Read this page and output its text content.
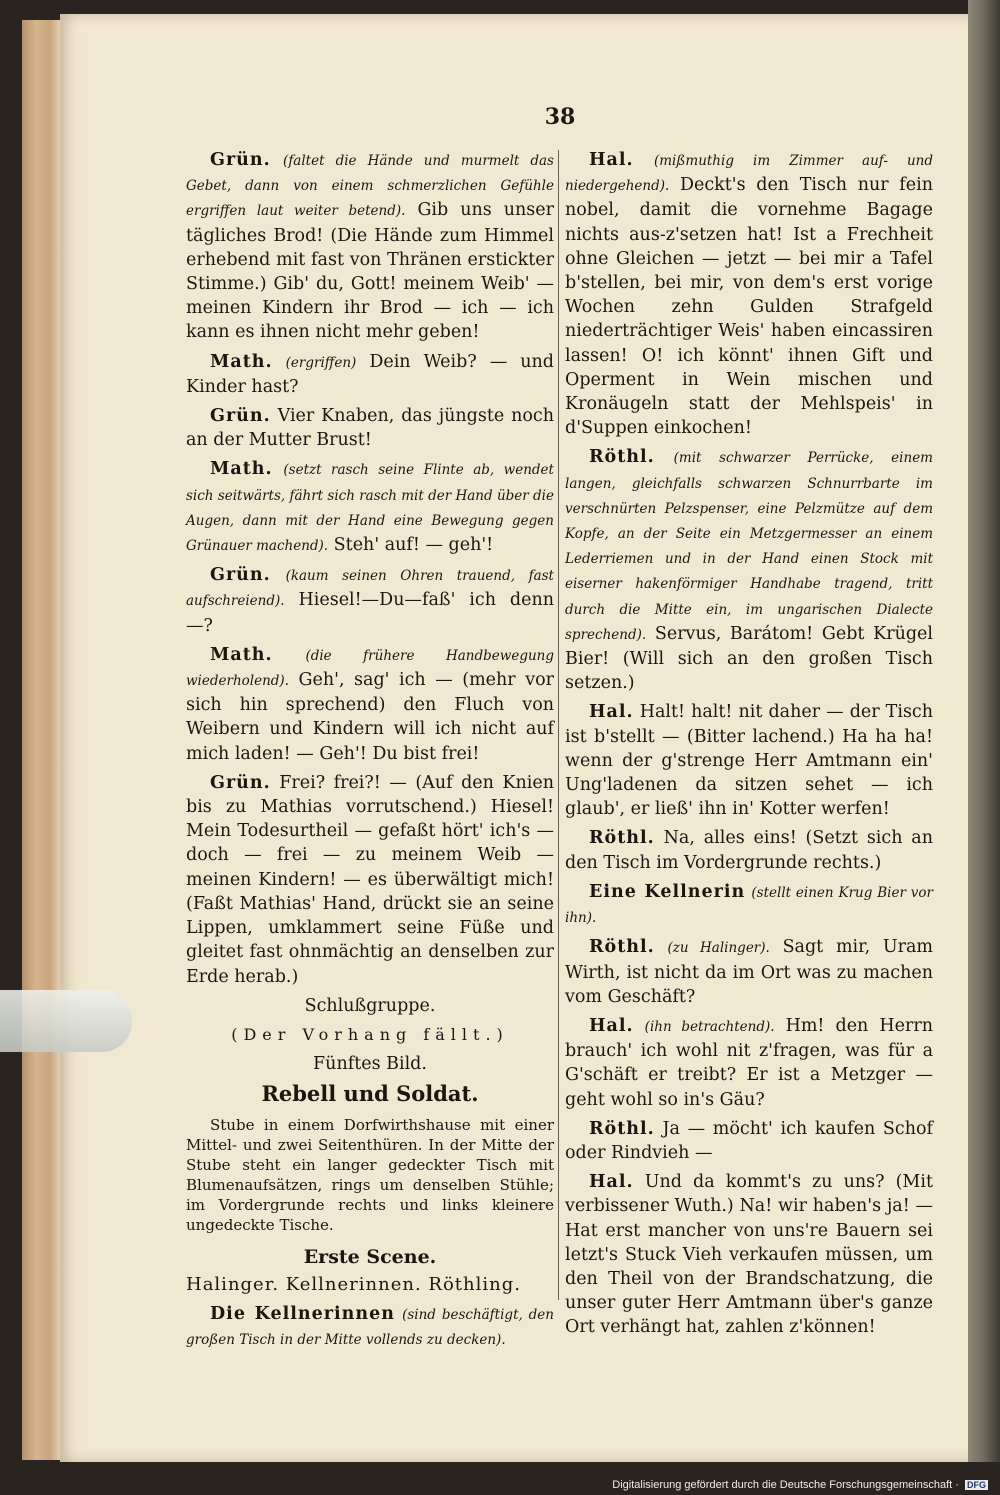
38

Grün. (faltet die Hände und murmelt das Gebet, dann von einem schmerzlichen Gefühle ergriffen laut weiter betend). Gib uns unser tägliches Brod! (Die Hände zum Himmel erhebend mit fast von Thränen erstickter Stimme.) Gib' du, Gott! meinem Weib' — meinen Kindern ihr Brod — ich — ich kann es ihnen nicht mehr geben!

Math. (ergriffen) Dein Weib? — und Kinder hast?

Grün. Vier Knaben, das jüngste noch an der Mutter Brust!

Math. (setzt rasch seine Flinte ab, wendet sich seitwärts, fährt sich rasch mit der Hand über die Augen, dann mit der Hand eine Bewegung gegen Grünauer machend). Steh' auf! — geh'!

Grün. (kaum seinen Ohren trauend, fast aufschreiend). Hiesel!—Du—faß' ich denn—?

Math. (die frühere Handbewegung wiederholend). Geh', sag' ich — (mehr vor sich hin sprechend) den Fluch von Weibern und Kindern will ich nicht auf mich laden! — Geh'! Du bist frei!

Grün. Frei? frei?! — (Auf den Knien bis zu Mathias vorrutschend.) Hiesel! Mein Todesurtheil — gefaßt hört' ich's — doch — frei — zu meinem Weib — meinen Kindern! — es überwältigt mich! (Faßt Mathias' Hand, drückt sie an seine Lippen, umklammert seine Füße und gleitet fast ohnmächtig an denselben zur Erde herab.)

Schlußgruppe.

(Der Vorhang fällt.)

Fünftes Bild.

Rebell und Soldat.

Stube in einem Dorfwirthshause mit einer Mittel- und zwei Seitenthüren. In der Mitte der Stube steht ein langer gedeckter Tisch mit Blumenaufsätzen, rings um denselben Stühle; im Vordergrunde rechts und links kleinere ungedeckte Tische.

Erste Scene.

Halinger. Kellnerinnen. Röthling.

Die Kellnerinnen (sind beschäftigt, den großen Tisch in der Mitte vollends zu decken).

Hal. (mißmuthig im Zimmer auf- und niedergehend). Deckt's den Tisch nur fein nobel, damit die vornehme Bagage nichts aus-z'setzen hat! Ist a Frechheit ohne Gleichen — jetzt — bei mir a Tafel b'stellen, bei mir, von dem's erst vorige Wochen zehn Gulden Strafgeld niederträchtiger Weis' haben eincassiren lassen! O! ich könnt' ihnen Gift und Operment in Wein mischen und Kronäugeln statt der Mehlspeis' in d'Suppen einkochen!

Röthl. (mit schwarzer Perrücke, einem langen, gleichfalls schwarzen Schnurrbarte im verschnürten Pelzspenser, eine Pelzmütze auf dem Kopfe, an der Seite ein Metzgermesser an einem Lederriemen und in der Hand einen Stock mit eiserner hakenförmiger Handhabe tragend, tritt durch die Mitte ein, im ungarischen Dialecte sprechend). Servus, Barátom! Gebt Krügel Bier! (Will sich an den großen Tisch setzen.)

Hal. Halt! halt! nit daher — der Tisch ist b'stellt — (Bitter lachend.) Ha ha ha! wenn der g'strenge Herr Amtmann ein' Ung'ladenen da sitzen sehet — ich glaub', er ließ' ihn in' Kotter werfen!

Röthl. Na, alles eins! (Setzt sich an den Tisch im Vordergrunde rechts.)

Eine Kellnerin (stellt einen Krug Bier vor ihn).

Röthl. (zu Halinger). Sagt mir, Uram Wirth, ist nicht da im Ort was zu machen vom Geschäft?

Hal. (ihn betrachtend). Hm! den Herrn brauch' ich wohl nit z'fragen, was für a G'schäft er treibt? Er ist a Metzger — geht wohl so in's Gäu?

Röthl. Ja — möcht' ich kaufen Schof oder Rindvieh —

Hal. Und da kommt's zu uns? (Mit verbissener Wuth.) Na! wir haben's ja! — Hat erst mancher von uns're Bauern sei letzt's Stuck Vieh verkaufen müssen, um den Theil von der Brandschatzung, die unser guter Herr Amtmann über's ganze Ort verhängt hat, zahlen z'können!

Digitalisierung gefördert durch die Deutsche Forschungsgemeinschaft · DFG
